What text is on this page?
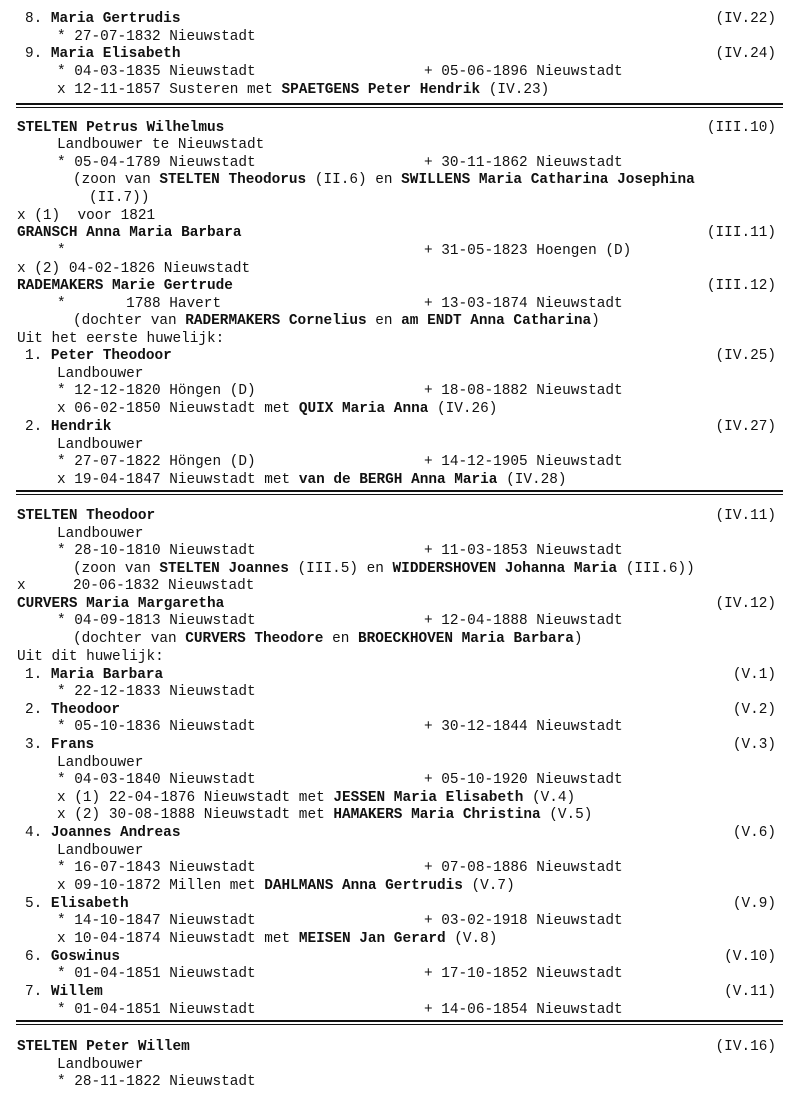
8. Maria Gertrudis	(IV.22)
* 27-07-1832 Nieuwstadt
9. Maria Elisabeth	(IV.24)
* 04-03-1835 Nieuwstadt	+ 05-06-1896 Nieuwstadt
x 12-11-1857 Susteren met SPAETGENS Peter Hendrik (IV.23)
STELTEN Petrus Wilhelmus	(III.10)
Landbouwer te Nieuwstadt
* 05-04-1789 Nieuwstadt	+ 30-11-1862 Nieuwstadt
(zoon van STELTEN Theodorus (II.6) en SWILLENS Maria Catharina Josephina
(II.7))
x (1)  voor 1821
GRANSCH Anna Maria Barbara	(III.11)
*	+ 31-05-1823 Hoengen (D)
x (2) 04-02-1826 Nieuwstadt
RADEMAKERS Marie Gertrude	(III.12)
*       1788 Havert	+ 13-03-1874 Nieuwstadt
(dochter van RADERMAKERS Cornelius en am ENDT Anna Catharina)
Uit het eerste huwelijk:
1. Peter Theodoor	(IV.25)
Landbouwer
* 12-12-1820 Höngen (D)	+ 18-08-1882 Nieuwstadt
x 06-02-1850 Nieuwstadt met QUIX Maria Anna (IV.26)
2. Hendrik	(IV.27)
Landbouwer
* 27-07-1822 Höngen (D)	+ 14-12-1905 Nieuwstadt
x 19-04-1847 Nieuwstadt met van de BERGH Anna Maria (IV.28)
STELTEN Theodoor	(IV.11)
Landbouwer
* 28-10-1810 Nieuwstadt	+ 11-03-1853 Nieuwstadt
(zoon van STELTEN Joannes (III.5) en WIDDERSHOVEN Johanna Maria (III.6))
x	20-06-1832 Nieuwstadt
CURVERS Maria Margaretha	(IV.12)
* 04-09-1813 Nieuwstadt	+ 12-04-1888 Nieuwstadt
(dochter van CURVERS Theodore en BROECKHOVEN Maria Barbara)
Uit dit huwelijk:
1. Maria Barbara	(V.1)
* 22-12-1833 Nieuwstadt
2. Theodoor	(V.2)
* 05-10-1836 Nieuwstadt	+ 30-12-1844 Nieuwstadt
3. Frans	(V.3)
Landbouwer
* 04-03-1840 Nieuwstadt	+ 05-10-1920 Nieuwstadt
x (1) 22-04-1876 Nieuwstadt met JESSEN Maria Elisabeth (V.4)
x (2) 30-08-1888 Nieuwstadt met HAMAKERS Maria Christina (V.5)
4. Joannes Andreas	(V.6)
Landbouwer
* 16-07-1843 Nieuwstadt	+ 07-08-1886 Nieuwstadt
x 09-10-1872 Millen met DAHLMANS Anna Gertrudis (V.7)
5. Elisabeth	(V.9)
* 14-10-1847 Nieuwstadt	+ 03-02-1918 Nieuwstadt
x 10-04-1874 Nieuwstadt met MEISEN Jan Gerard (V.8)
6. Goswinus	(V.10)
* 01-04-1851 Nieuwstadt	+ 17-10-1852 Nieuwstadt
7. Willem	(V.11)
* 01-04-1851 Nieuwstadt	+ 14-06-1854 Nieuwstadt
STELTEN Peter Willem	(IV.16)
Landbouwer
* 28-11-1822 Nieuwstadt
